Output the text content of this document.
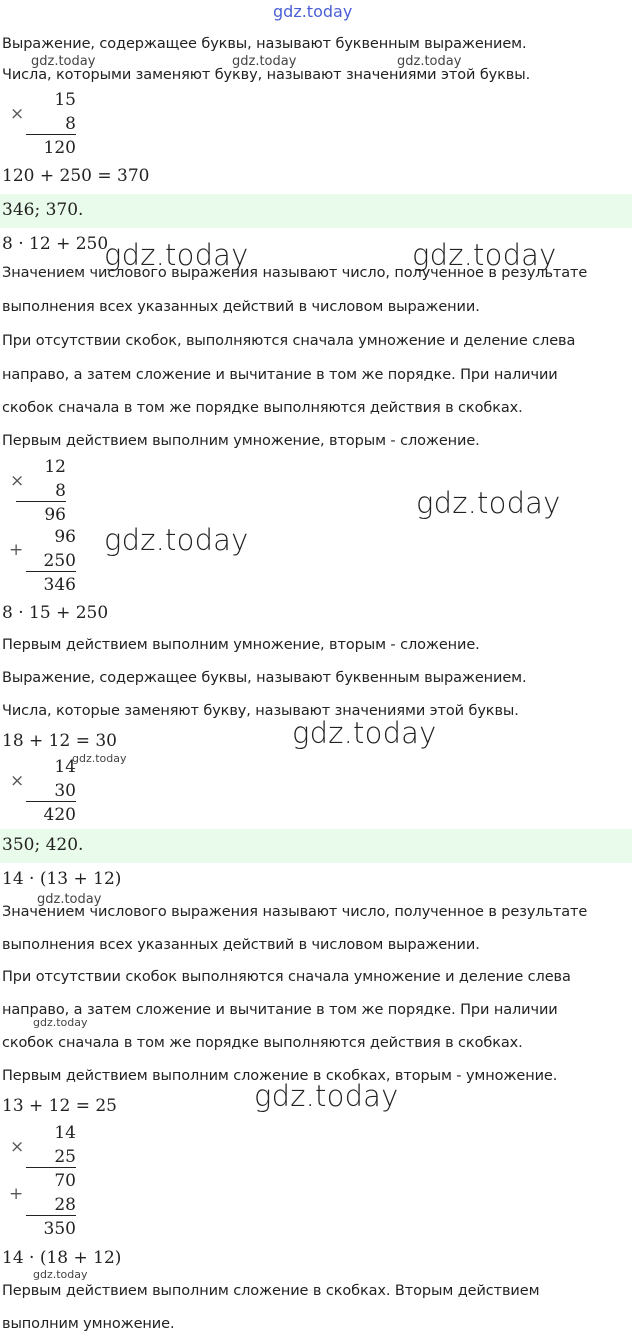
gdz.today
Выражение, содержащее буквы, называют буквенным выражением.
gdz.today	gdz.today	gdz.today
Числа, которыми заменяют букву, называют значениями этой буквы.
×
15
8
120
120 + 250 = 370
346; 370.
8 · 12 + 250
gdz.today	gdz.today
Значением числового выражения называют число, полученное в результате
выполнения всех указанных действий в числовом выражении.
При отсутствии скобок, выполняются сначала умножение и деление слева
направо, а затем сложение и вычитание в том же порядке. При наличии
скобок сначала в том же порядке выполняются действия в скобках.
Первым действием выполним умножение, вторым - сложение.
×
12
8
96	gdz.today
+
96
250
346
gdz.today
8 · 15 + 250
Первым действием выполним умножение, вторым - сложение.
Выражение, содержащее буквы, называют буквенным выражением.
Числа, которые заменяют букву, называют значениями этой буквы.
18 + 12 = 30	gdz.today
×
14
gdz.today
30
420
350; 420.
14 · (13 + 12)
gdz.today
Значением числового выражения называют число, полученное в результате
выполнения всех указанных действий в числовом выражении.
При отсутствии скобок выполняются сначала умножение и деление слева
направо, а затем сложение и вычитание в том же порядке. При наличии
gdz.today
скобок сначала в том же порядке выполняются действия в скобках.
Первым действием выполним сложение в скобках, вторым - умножение.
13 + 12 = 25	gdz.today
×
14
25
70
+
28
350
14 · (18 + 12)
gdz.today
Первым действием выполним сложение в скобках. Вторым действием
выполним умножение.
